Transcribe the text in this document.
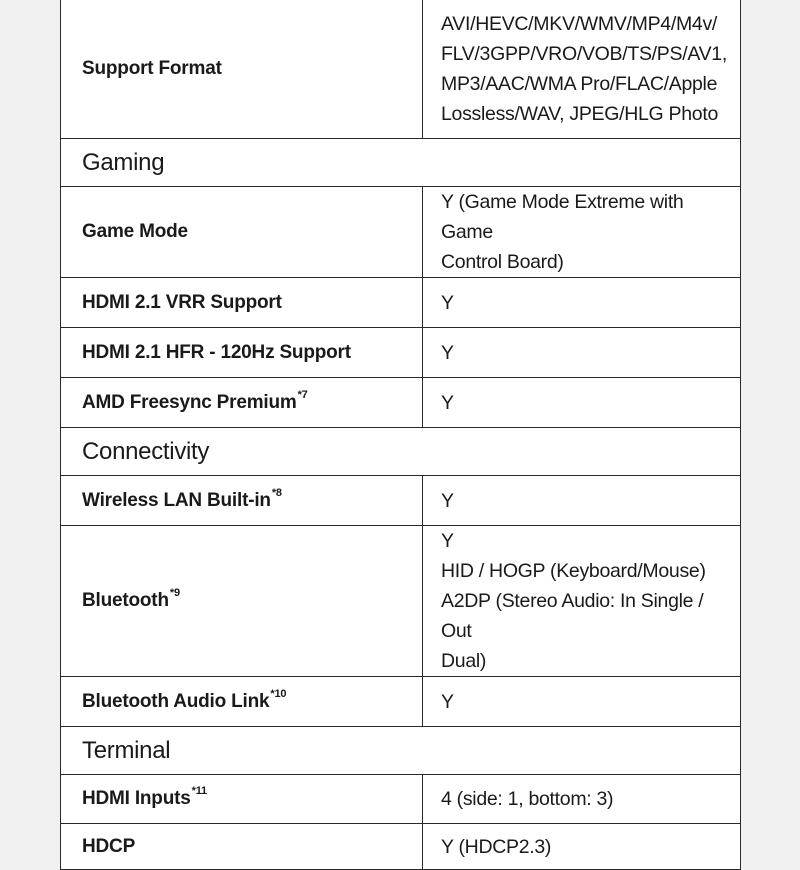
Support Format	AVI/HEVC/MKV/WMV/MP4/M4v/
FLV/3GPP/VRO/VOB/TS/PS/AV1,
MP3/AAC/WMA Pro/FLAC/Apple
Lossless/WAV, JPEG/HLG Photo

Gaming	
Game Mode	Y (Game Mode Extreme with Game
Control Board)

HDMI 2.1 VRR Support	Y
HDMI 2.1 HFR - 120Hz Support	Y
AMD Freesync Premium$^{*7}$	Y
Connectivity	
Wireless LAN Built-$in^{*8}$	Y
Bluetooth$^{*9}$	Y
HID / HOGP (Keyboard/Mouse)
A2DP (Stereo Audio: In Single / Out
Dual)

Bluetooth Audio Link$^{*10}$	Y
Terminal	
HDMI Inputs$^{*11}$	4 (side: 1, bottom: 3)
HDCP	Y (HDCP2.3)
